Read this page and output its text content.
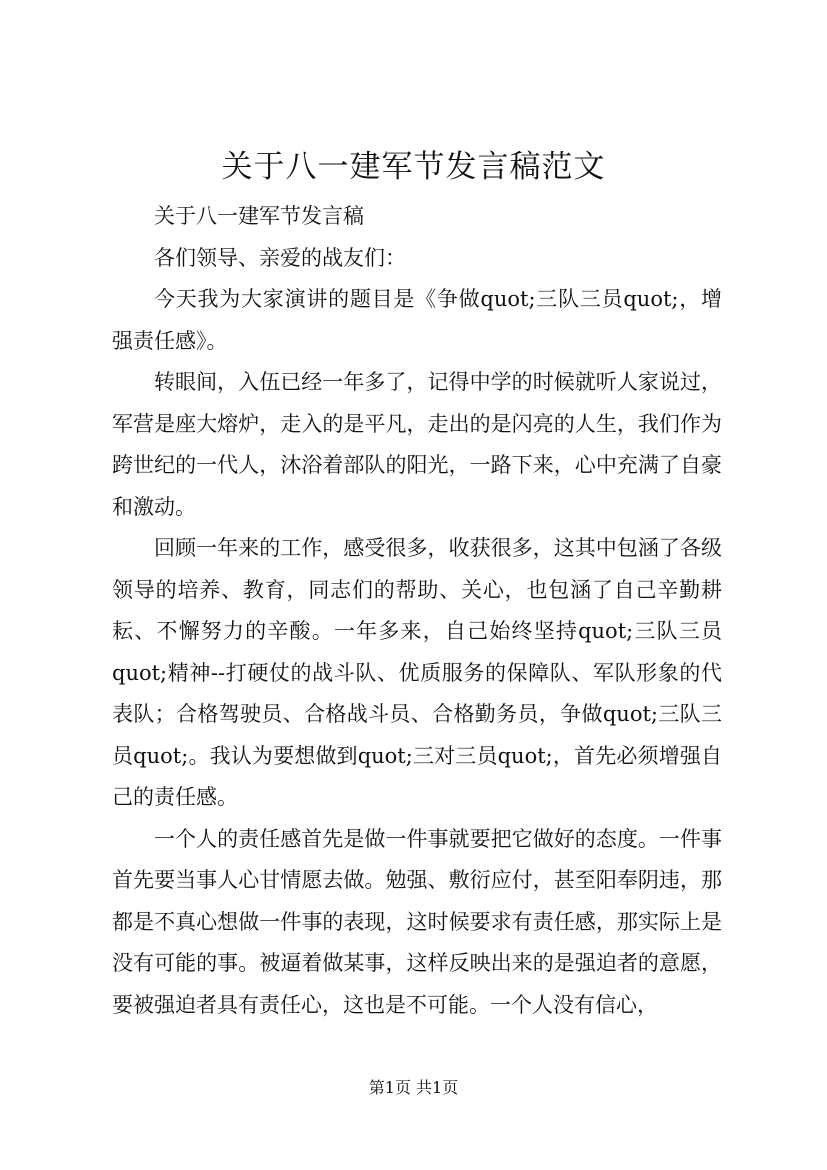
关于八一建军节发言稿范文

关于八一建军节发言稿

各们领导、亲爱的战友们：

今天我为大家演讲的题目是《争做quot;三队三员quot;，增强责任感》。

转眼间，入伍已经一年多了，记得中学的时候就听人家说过，军营是座大熔炉，走入的是平凡，走出的是闪亮的人生，我们作为跨世纪的一代人，沐浴着部队的阳光，一路下来，心中充满了自豪和激动。

回顾一年来的工作，感受很多，收获很多，这其中包涵了各级领导的培养、教育，同志们的帮助、关心，也包涵了自己辛勤耕耘、不懈努力的辛酸。一年多来，自己始终坚持quot;三队三员quot;精神--打硬仗的战斗队、优质服务的保障队、军队形象的代表队；合格驾驶员、合格战斗员、合格勤务员，争做quot;三队三员quot;。我认为要想做到quot;三对三员quot;，首先必须增强自己的责任感。

一个人的责任感首先是做一件事就要把它做好的态度。一件事首先要当事人心甘情愿去做。勉强、敷衍应付，甚至阳奉阴违，那都是不真心想做一件事的表现，这时候要求有责任感，那实际上是没有可能的事。被逼着做某事，这样反映出来的是强迫者的意愿，要被强迫者具有责任心，这也是不可能。一个人没有信心，

第1页 共1页
